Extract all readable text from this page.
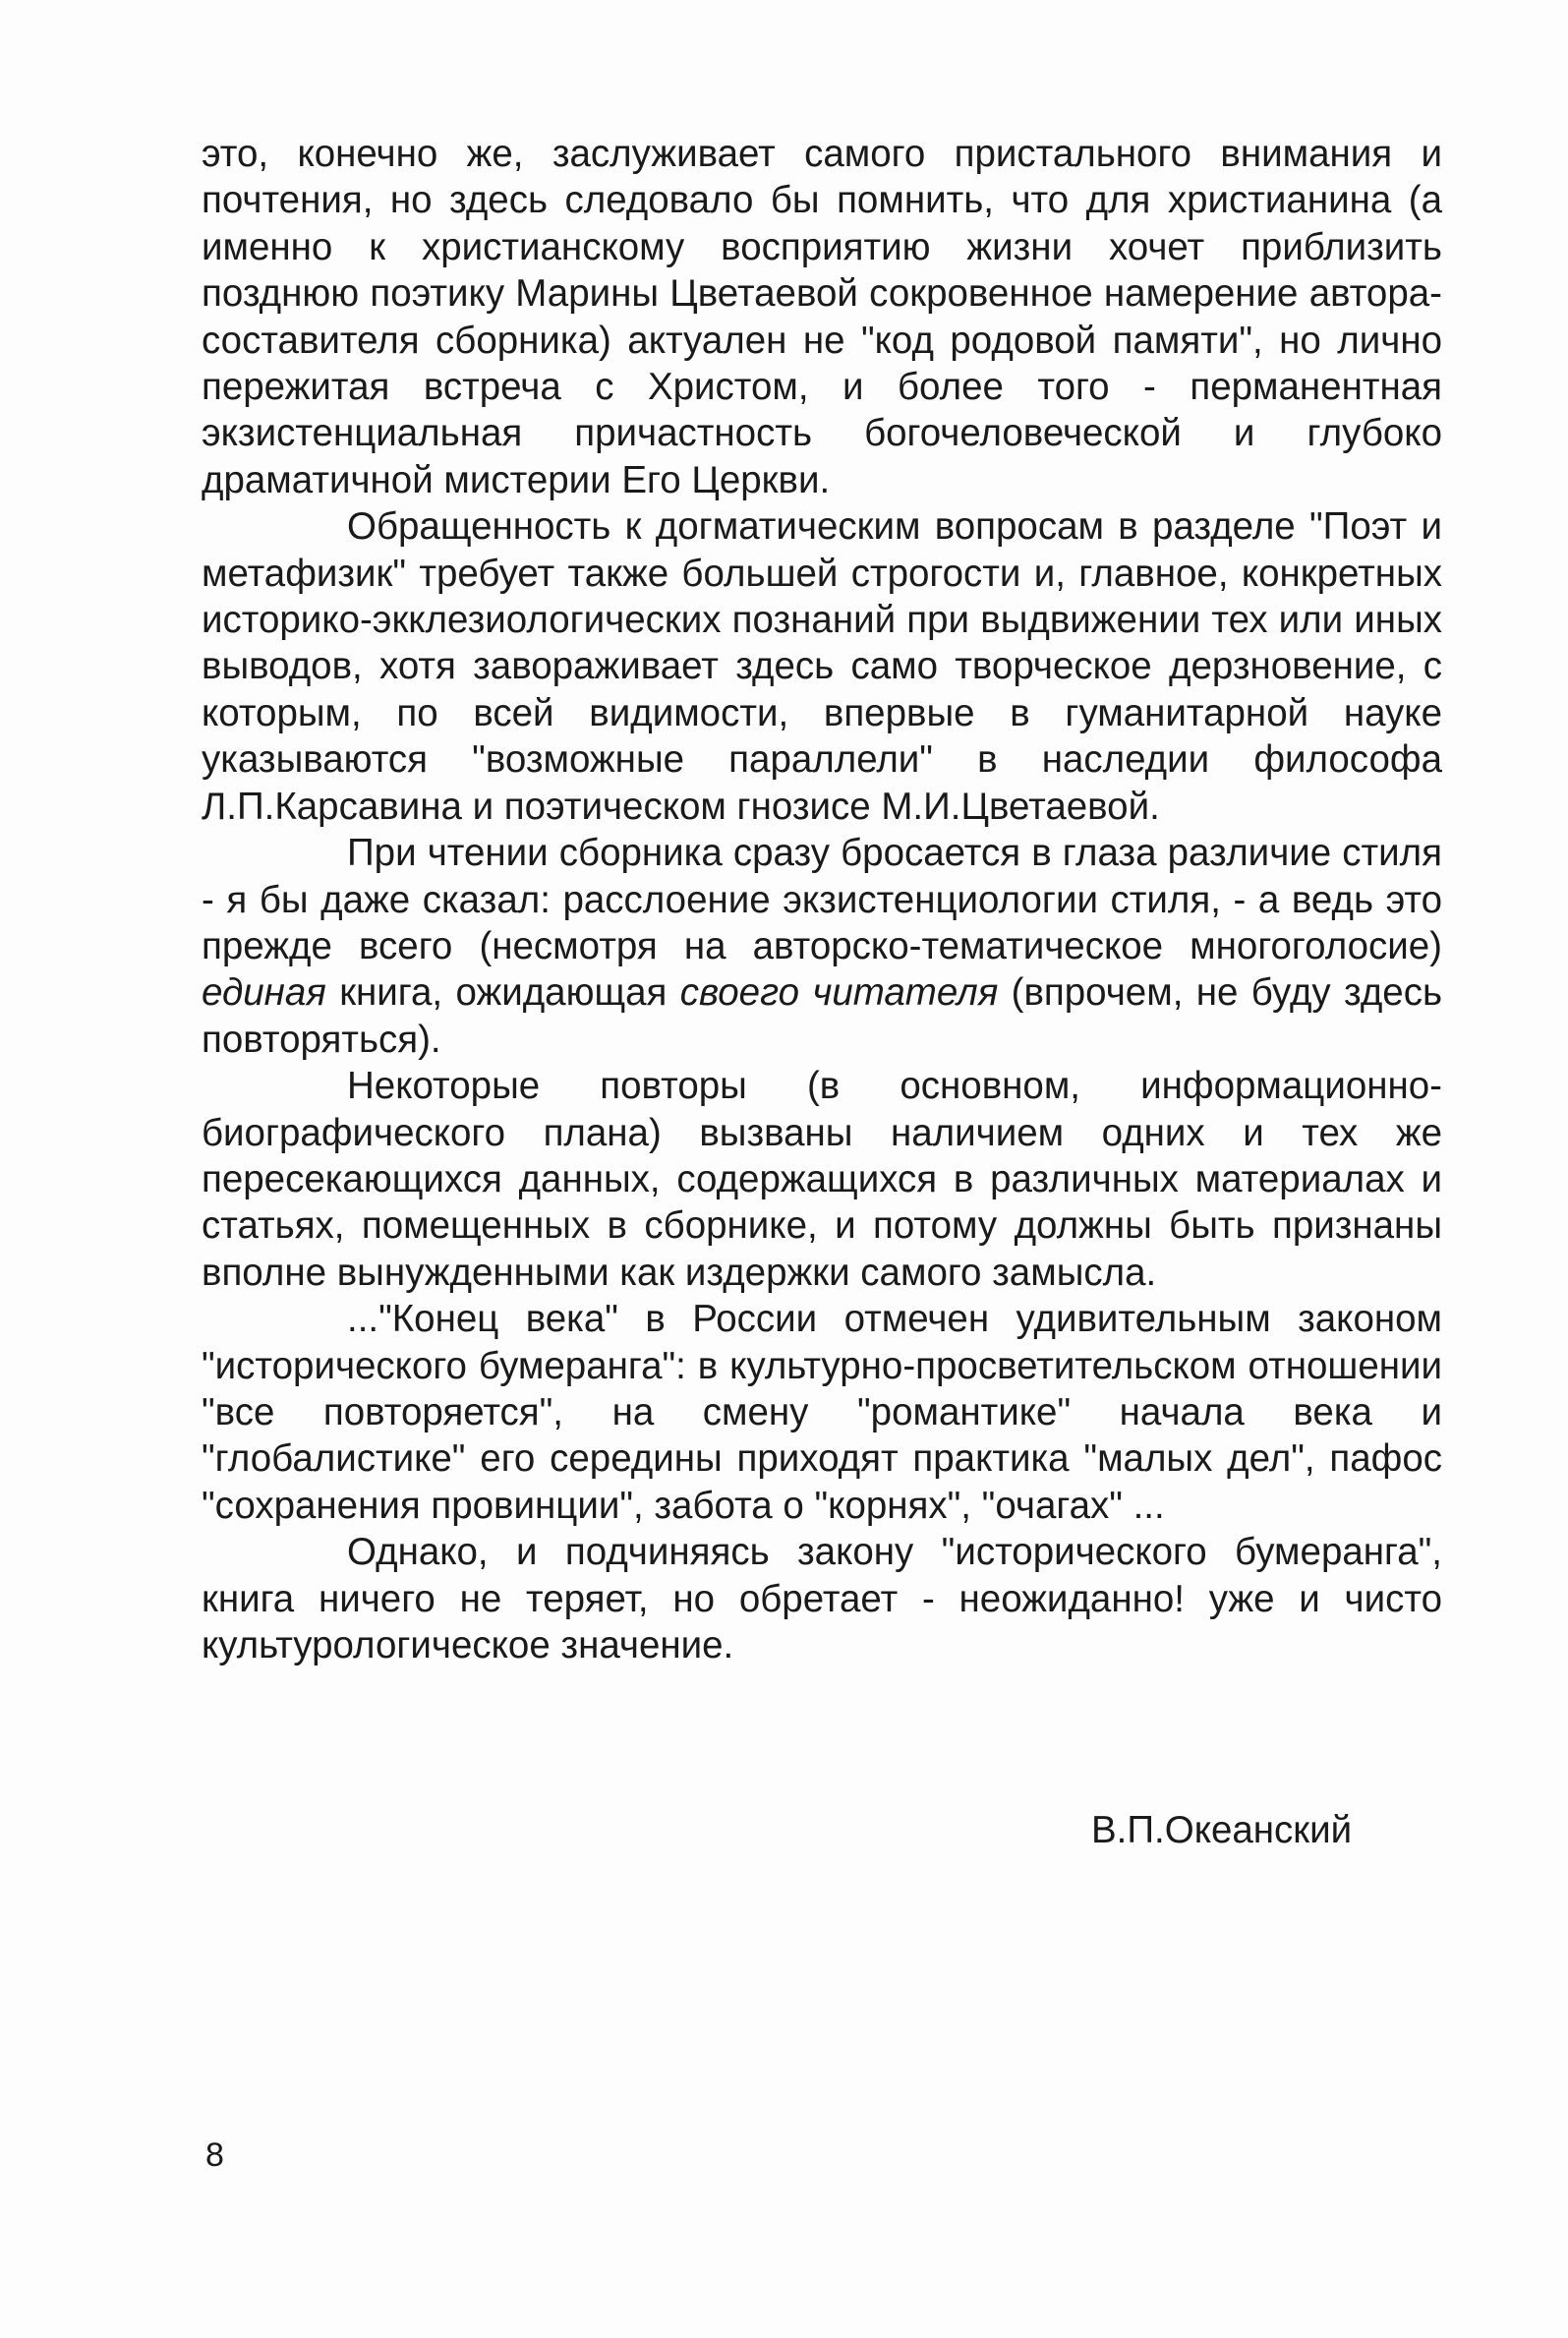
это, конечно же, заслуживает самого пристального внимания и почтения, но здесь следовало бы помнить, что для христианина (а именно к христианскому восприятию жизни хочет приблизить позднюю поэтику Марины Цветаевой сокровенное намерение автора-составителя сборника) актуален не "код родовой памяти", но лично пережитая встреча с Христом, и более того - перманентная экзистенциальная причастность богочеловеческой и глубоко драматичной мистерии Его Церкви.

Обращенность к догматическим вопросам в разделе "Поэт и метафизик" требует также большей строгости и, главное, конкретных историко-экклезиологических познаний при выдвижении тех или иных выводов, хотя завораживает здесь само творческое дерзновение, с которым, по всей видимости, впервые в гуманитарной науке указываются "возможные параллели" в наследии философа Л.П.Карсавина и поэтическом гнозисе М.И.Цветаевой.

При чтении сборника сразу бросается в глаза различие стиля - я бы даже сказал: расслоение экзистенциологии стиля, - а ведь это прежде всего (несмотря на авторско-тематическое многоголосие) единая книга, ожидающая своего читателя (впрочем, не буду здесь повторяться).

Некоторые повторы (в основном, информационно-биографического плана) вызваны наличием одних и тех же пересекающихся данных, содержащихся в различных материалах и статьях, помещенных в сборнике, и потому должны быть признаны вполне вынужденными как издержки самого замысла.

..."Конец века" в России отмечен удивительным законом "исторического бумеранга": в культурно-просветительском отношении "все повторяется", на смену "романтике" начала века и "глобалистике" его середины приходят практика "малых дел", пафос "сохранения провинции", забота о "корнях", "очагах" ...

Однако, и подчиняясь закону "исторического бумеранга", книга ничего не теряет, но обретает - неожиданно! уже и чисто культурологическое значение.

В.П.Океанский
8
